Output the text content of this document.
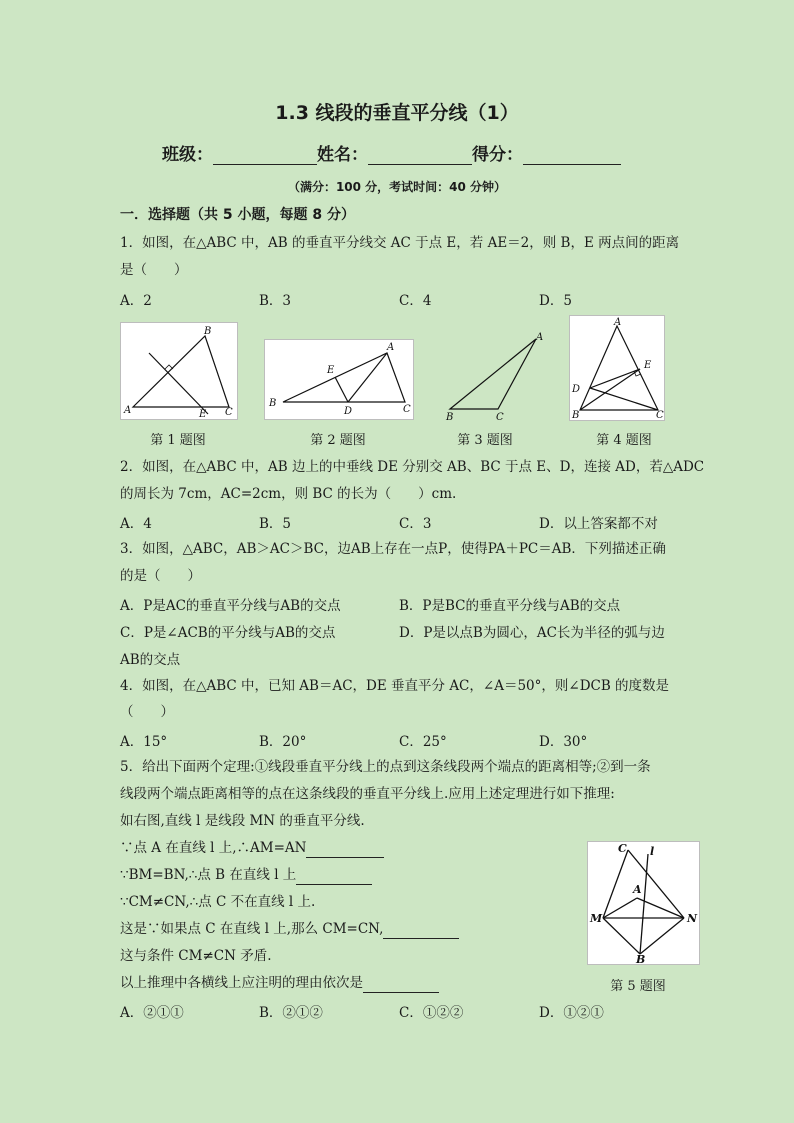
1.3 线段的垂直平分线（1）
班级：	姓名：	得分：
（满分：100 分，考试时间：40 分钟）
一．选择题（共 5 小题，每题 8 分）
1．如图，在△ABC 中，AB 的垂直平分线交 AC 于点 E，若 AE＝2，则 B，E 两点间的距离
是（　　）
A．2	B．3	C．4	D．5
B
A	E C
第 1 题图
A
E
B
D	C
第 2 题图
A
B	C
第 3 题图
A
E
D
B	C
第 4 题图
2．如图，在△ABC 中，AB 边上的中垂线 DE 分别交 AB、BC 于点 E、D，连接 AD，若△ADC
的周长为 7cm，AC=2cm，则 BC 的长为（　　）cm.
A．4	B．5	C．3	D．以上答案都不对
3．如图，△ABC，AB＞AC＞BC，边AB上存在一点P，使得PA＋PC＝AB．下列描述正确
的是（　　）
A．P是AC的垂直平分线与AB的交点	B．P是BC的垂直平分线与AB的交点
C．P是∠ACB的平分线与AB的交点	D．P是以点B为圆心，AC长为半径的弧与边
AB的交点
4．如图，在△ABC 中，已知 AB＝AC，DE 垂直平分 AC，∠A＝50°，则∠DCB 的度数是
（　　）
A．15°	B．20°	C．25°	D．30°
5．给出下面两个定理:①线段垂直平分线上的点到这条线段两个端点的距离相等;②到一条
线段两个端点距离相等的点在这条线段的垂直平分线上.应用上述定理进行如下推理:
如右图,直线 l 是线段 MN 的垂直平分线.
∵点 A 在直线 l 上,∴AM=AN
∵BM=BN,∴点 B 在直线 l 上
∵CM≠CN,∴点 C 不在直线 l 上.
这是∵如果点 C 在直线 l 上,那么 CM=CN,
这与条件 CM≠CN 矛盾.
以上推理中各横线上应注明的理由依次是
A．②①①	B．②①②	C．①②②	D．①②①
C l
A
M	N
B
第 5 题图
